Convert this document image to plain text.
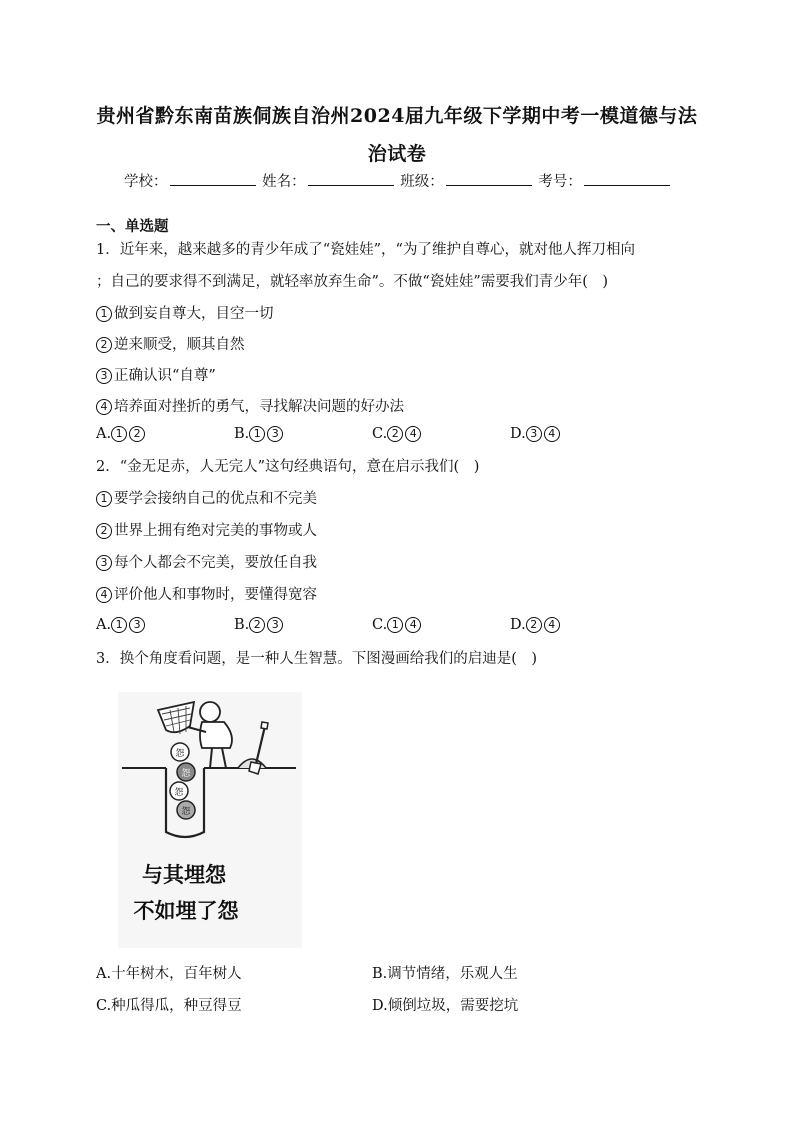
贵州省黔东南苗族侗族自治州2024届九年级下学期中考一模道德与法
治试卷
学校：	姓名：	班级：	考号：
一、单选题
1．近年来，越来越多的青少年成了“瓷娃娃”，“为了维护自尊心，就对他人挥刀相向
；自己的要求得不到满足，就轻率放弃生命”。不做“瓷娃娃”需要我们青少年(　)
1 做到妄自尊大，目空一切
2 逆来顺受，顺其自然
3 正确认识“自尊”
4 培养面对挫折的勇气，寻找解决问题的好办法
A. 1 2	B. 1 3	C. 2 4	D. 3 4
2．“金无足赤，人无完人”这句经典语句，意在启示我们(　)
1 要学会接纳自己的优点和不完美
2 世界上拥有绝对完美的事物或人
3 每个人都会不完美，要放任自我
4 评价他人和事物时，要懂得宽容
A. 1 3	B. 2 3	C. 1 4	D. 2 4
3．换个角度看问题，是一种人生智慧。下图漫画给我们的启迪是(　)
怨
怨
怨
怨
与其埋怨
不如埋了怨
A.十年树木，百年树人	B.调节情绪，乐观人生
C.种瓜得瓜，种豆得豆	D.倾倒垃圾，需要挖坑
